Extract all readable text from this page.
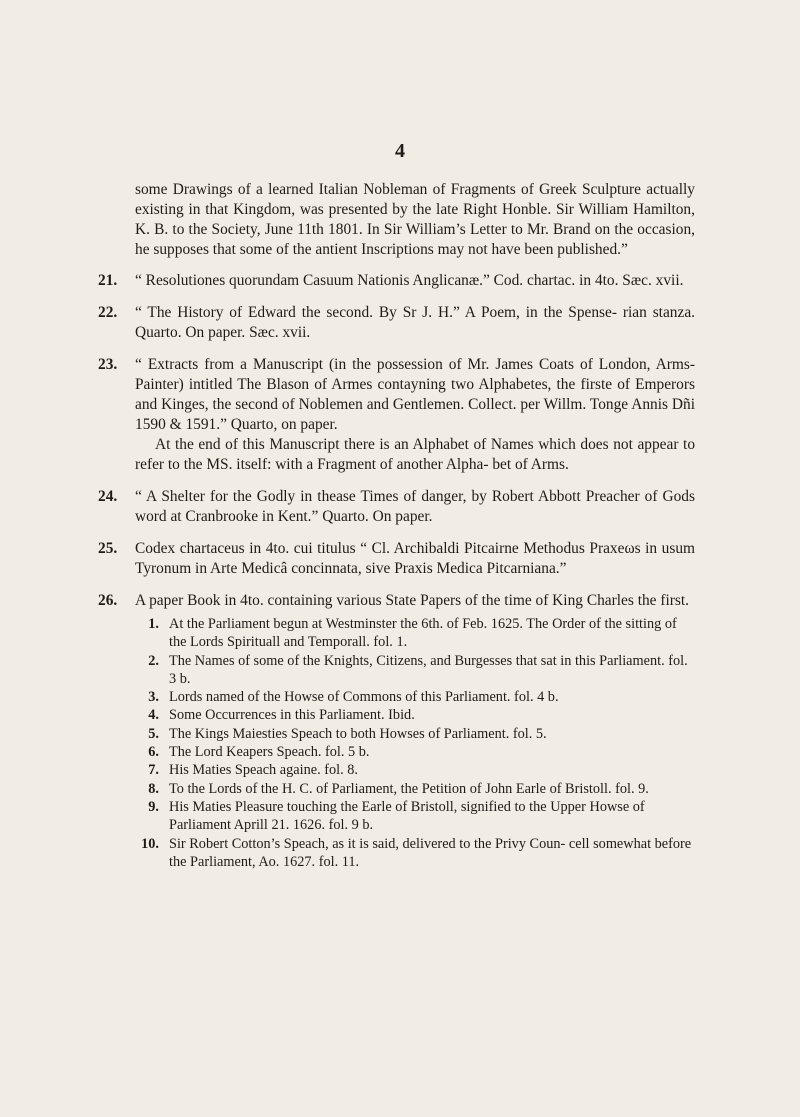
4

some Drawings of a learned Italian Nobleman of Fragments of Greek Sculpture actually existing in that Kingdom, was presented by the late Right Honble. Sir William Hamilton, K. B. to the Society, June 11th 1801. In Sir William’s Letter to Mr. Brand on the occasion, he supposes that some of the antient Inscriptions may not have been published.”

21.	“ Resolutiones quorundam Casuum Nationis Anglicanæ.” Cod. chartac. in 4to. Sæc. xvii.

22.	“ The History of Edward the second. By Sr J. H.” A Poem, in the Spense- rian stanza. Quarto. On paper. Sæc. xvii.

23.	“ Extracts from a Manuscript (in the possession of Mr. James Coats of London, Arms-Painter) intitled The Blason of Armes contayning two Alphabetes, the firste of Emperors and Kinges, the second of Noblemen and Gentlemen. Collect. per Willm. Tonge Annis Dñi 1590 & 1591.” Quarto, on paper.

At the end of this Manuscript there is an Alphabet of Names which does not appear to refer to the MS. itself: with a Fragment of another Alpha- bet of Arms.

24.	“ A Shelter for the Godly in thease Times of danger, by Robert Abbott Preacher of Gods word at Cranbrooke in Kent.” Quarto. On paper.

25.	Codex chartaceus in 4to. cui titulus “ Cl. Archibaldi Pitcairne Methodus Praxeωs in usum Tyronum in Arte Medicâ concinnata, sive Praxis Medica Pitcarniana.”

26.	A paper Book in 4to. containing various State Papers of the time of King Charles the first.

1. At the Parliament begun at Westminster the 6th. of Feb. 1625. The Order of the sitting of the Lords Spirituall and Temporall. fol. 1.
2. The Names of some of the Knights, Citizens, and Burgesses that sat in this Parliament. fol. 3 b.
3. Lords named of the Howse of Commons of this Parliament. fol. 4 b.
4. Some Occurrences in this Parliament. Ibid.
5. The Kings Maiesties Speach to both Howses of Parliament. fol. 5.
6. The Lord Keapers Speach. fol. 5 b.
7. His Maties Speach againe. fol. 8.
8. To the Lords of the H. C. of Parliament, the Petition of John Earle of Bristoll. fol. 9.
9. His Maties Pleasure touching the Earle of Bristoll, signified to the Upper Howse of Parliament Aprill 21. 1626. fol. 9 b.
10. Sir Robert Cotton’s Speach, as it is said, delivered to the Privy Coun- cell somewhat before the Parliament, Ao. 1627. fol. 11.
